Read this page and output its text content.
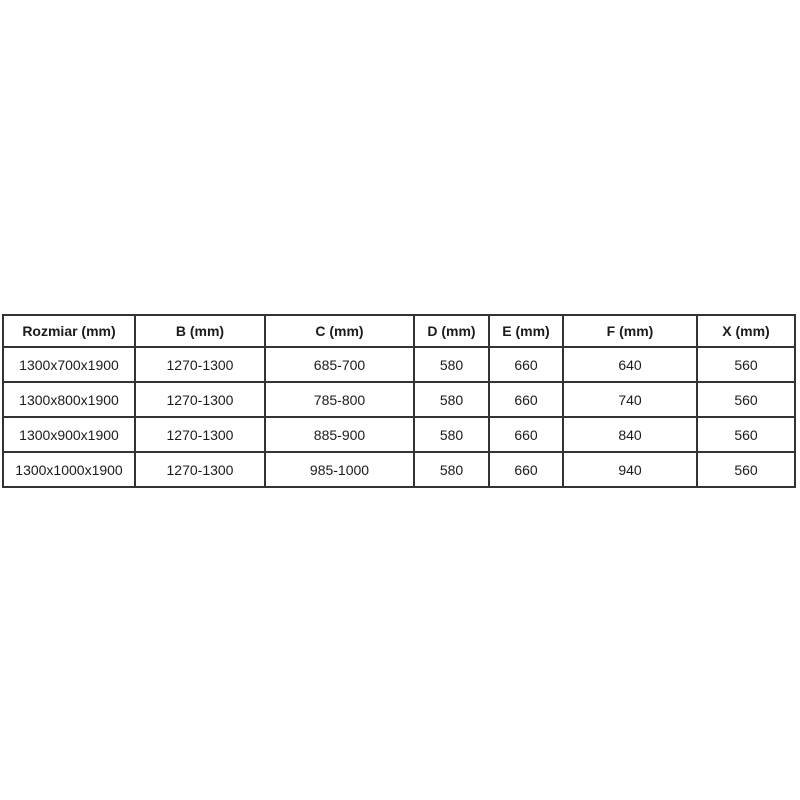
Rozmiar (mm)	B (mm)	C (mm)	D (mm)	E (mm)	F (mm)	X (mm)
1300x700x1900	1270-1300	685-700	580	660	640	560
1300x800x1900	1270-1300	785-800	580	660	740	560
1300x900x1900	1270-1300	885-900	580	660	840	560
1300x1000x1900	1270-1300	985-1000	580	660	940	560
